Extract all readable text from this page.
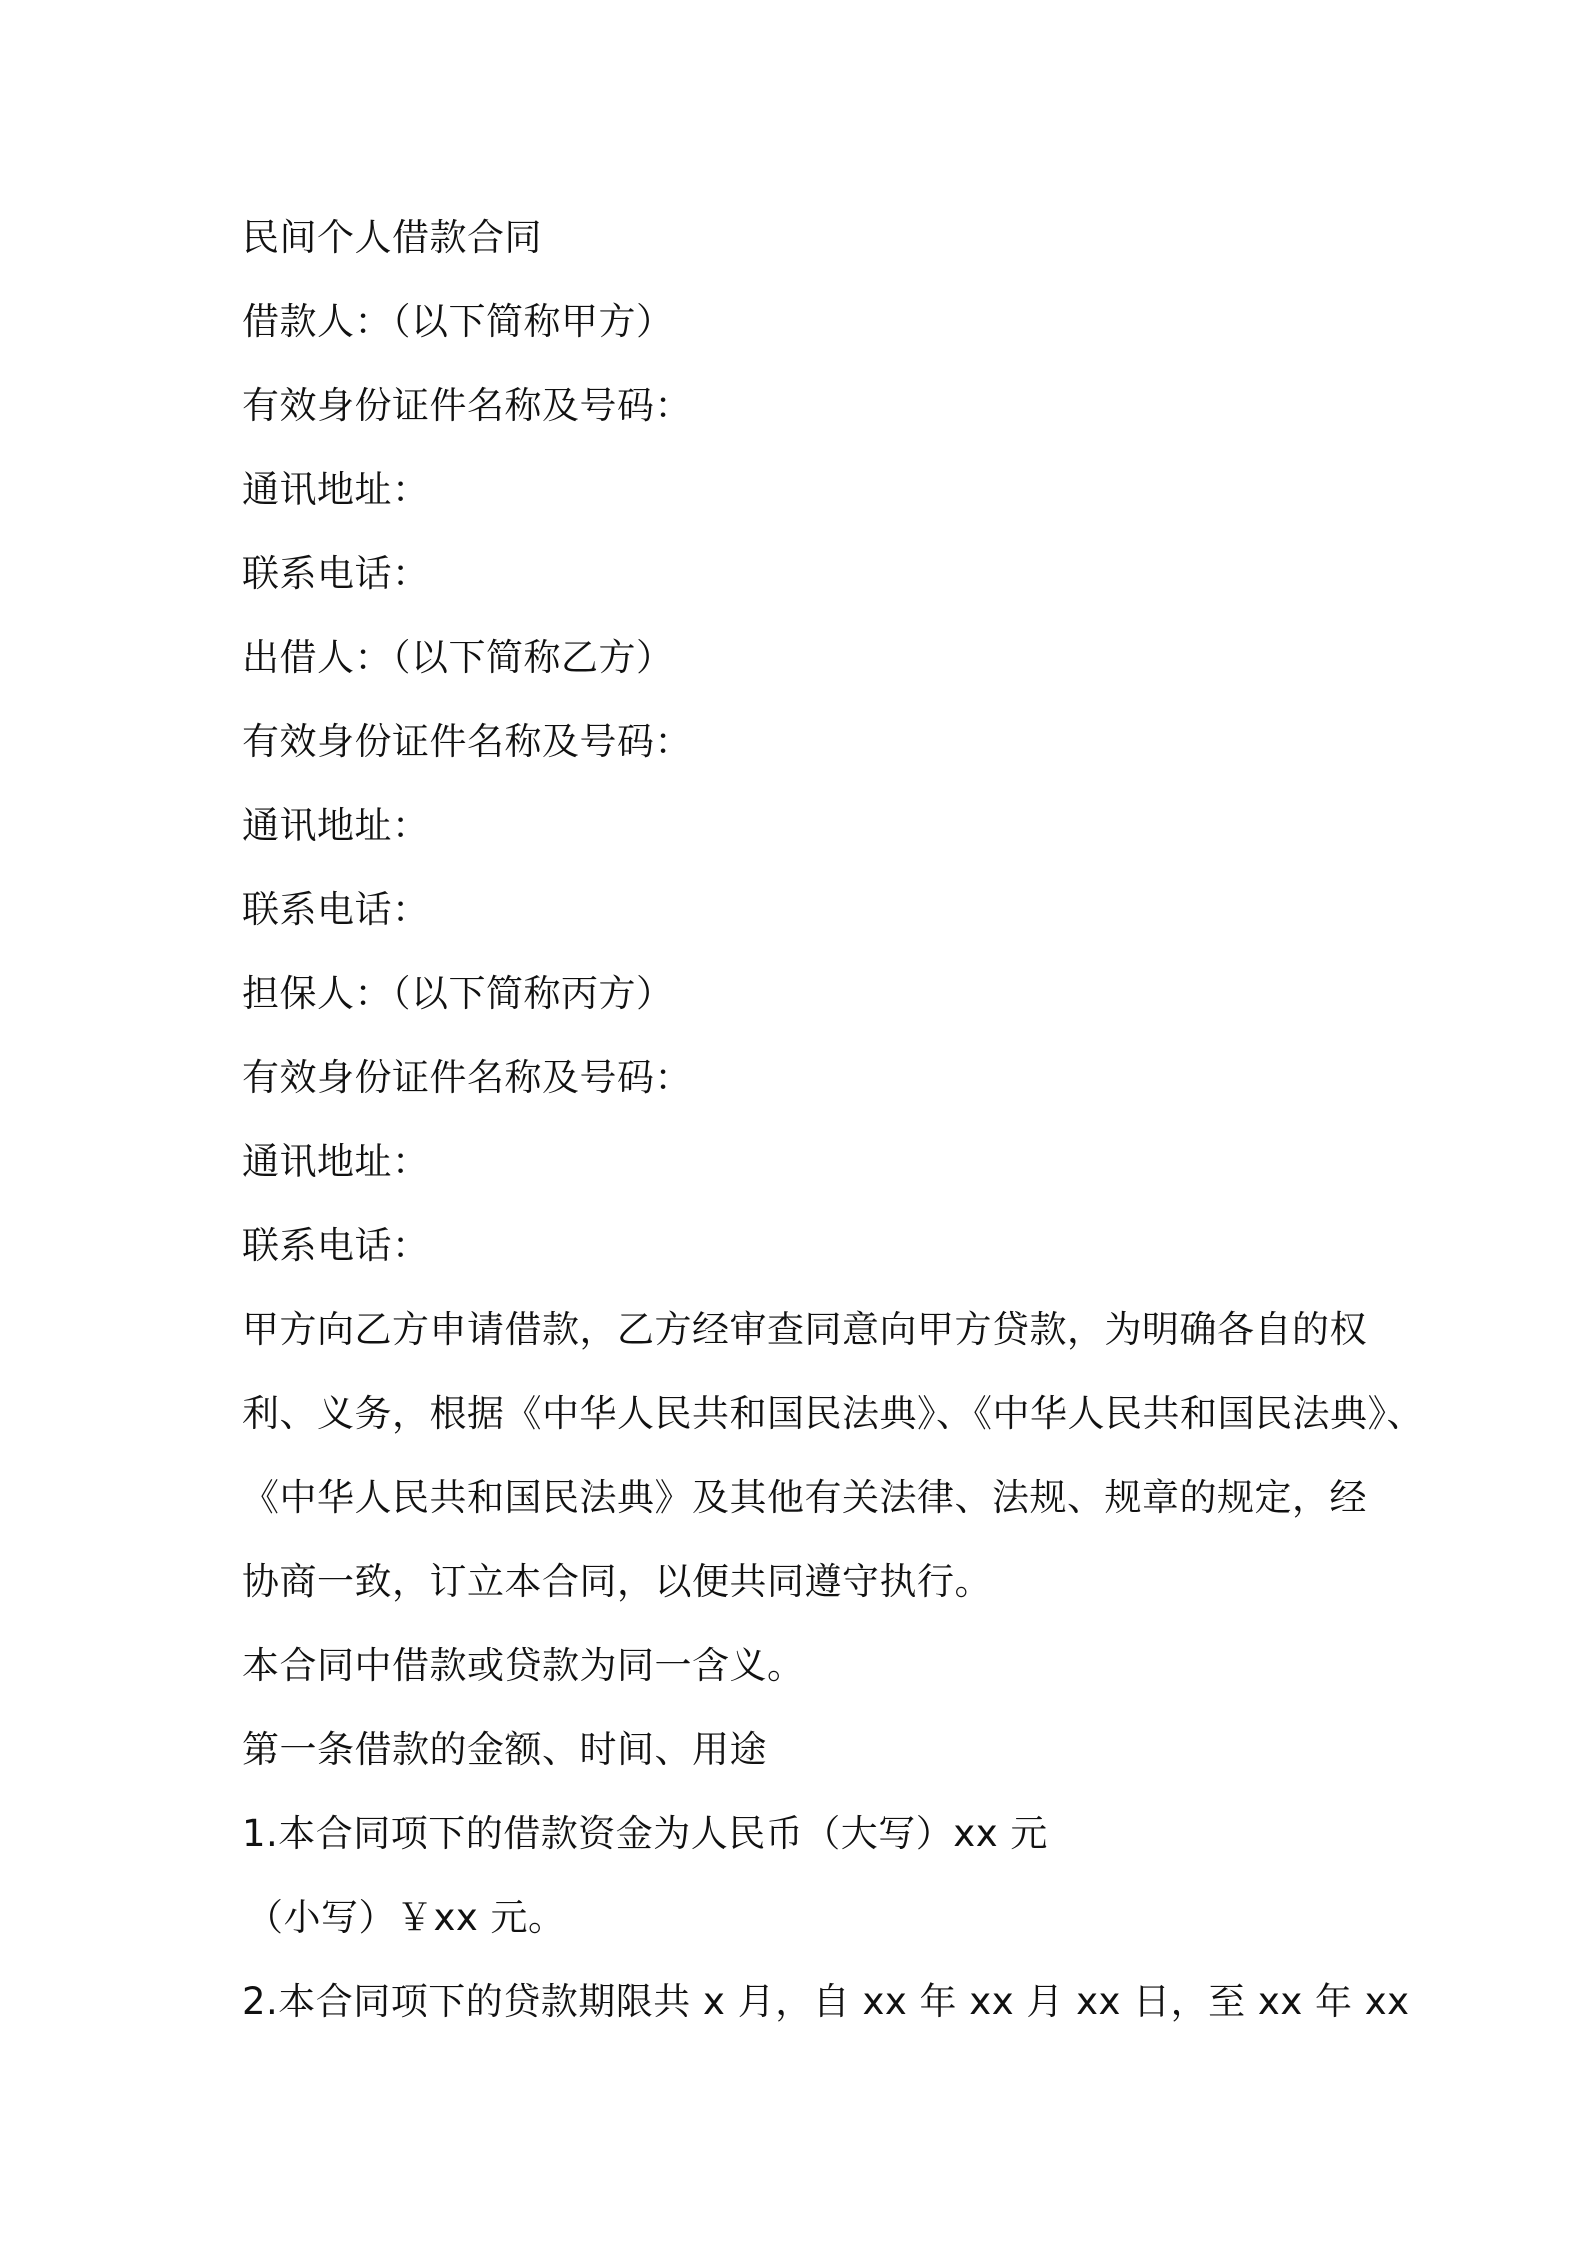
民间个人借款合同
借款人：（以下简称甲方）
有效身份证件名称及号码：
通讯地址：
联系电话：
出借人：（以下简称乙方）
有效身份证件名称及号码：
通讯地址：
联系电话：
担保人：（以下简称丙方）
有效身份证件名称及号码：
通讯地址：
联系电话：
甲方向乙方申请借款，乙方经审查同意向甲方贷款，为明确各自的权
利、义务，根据《中华人民共和国民法典》、《中华人民共和国民法典》、
《中华人民共和国民法典》及其他有关法律、法规、规章的规定，经
协商一致，订立本合同，以便共同遵守执行。
本合同中借款或贷款为同一含义。
第一条借款的金额、时间、用途
1.本合同项下的借款资金为人民币（大写）xx 元
（小写）￥xx 元。
2.本合同项下的贷款期限共 x 月，自 xx 年 xx 月 xx 日，至 xx 年 xx
